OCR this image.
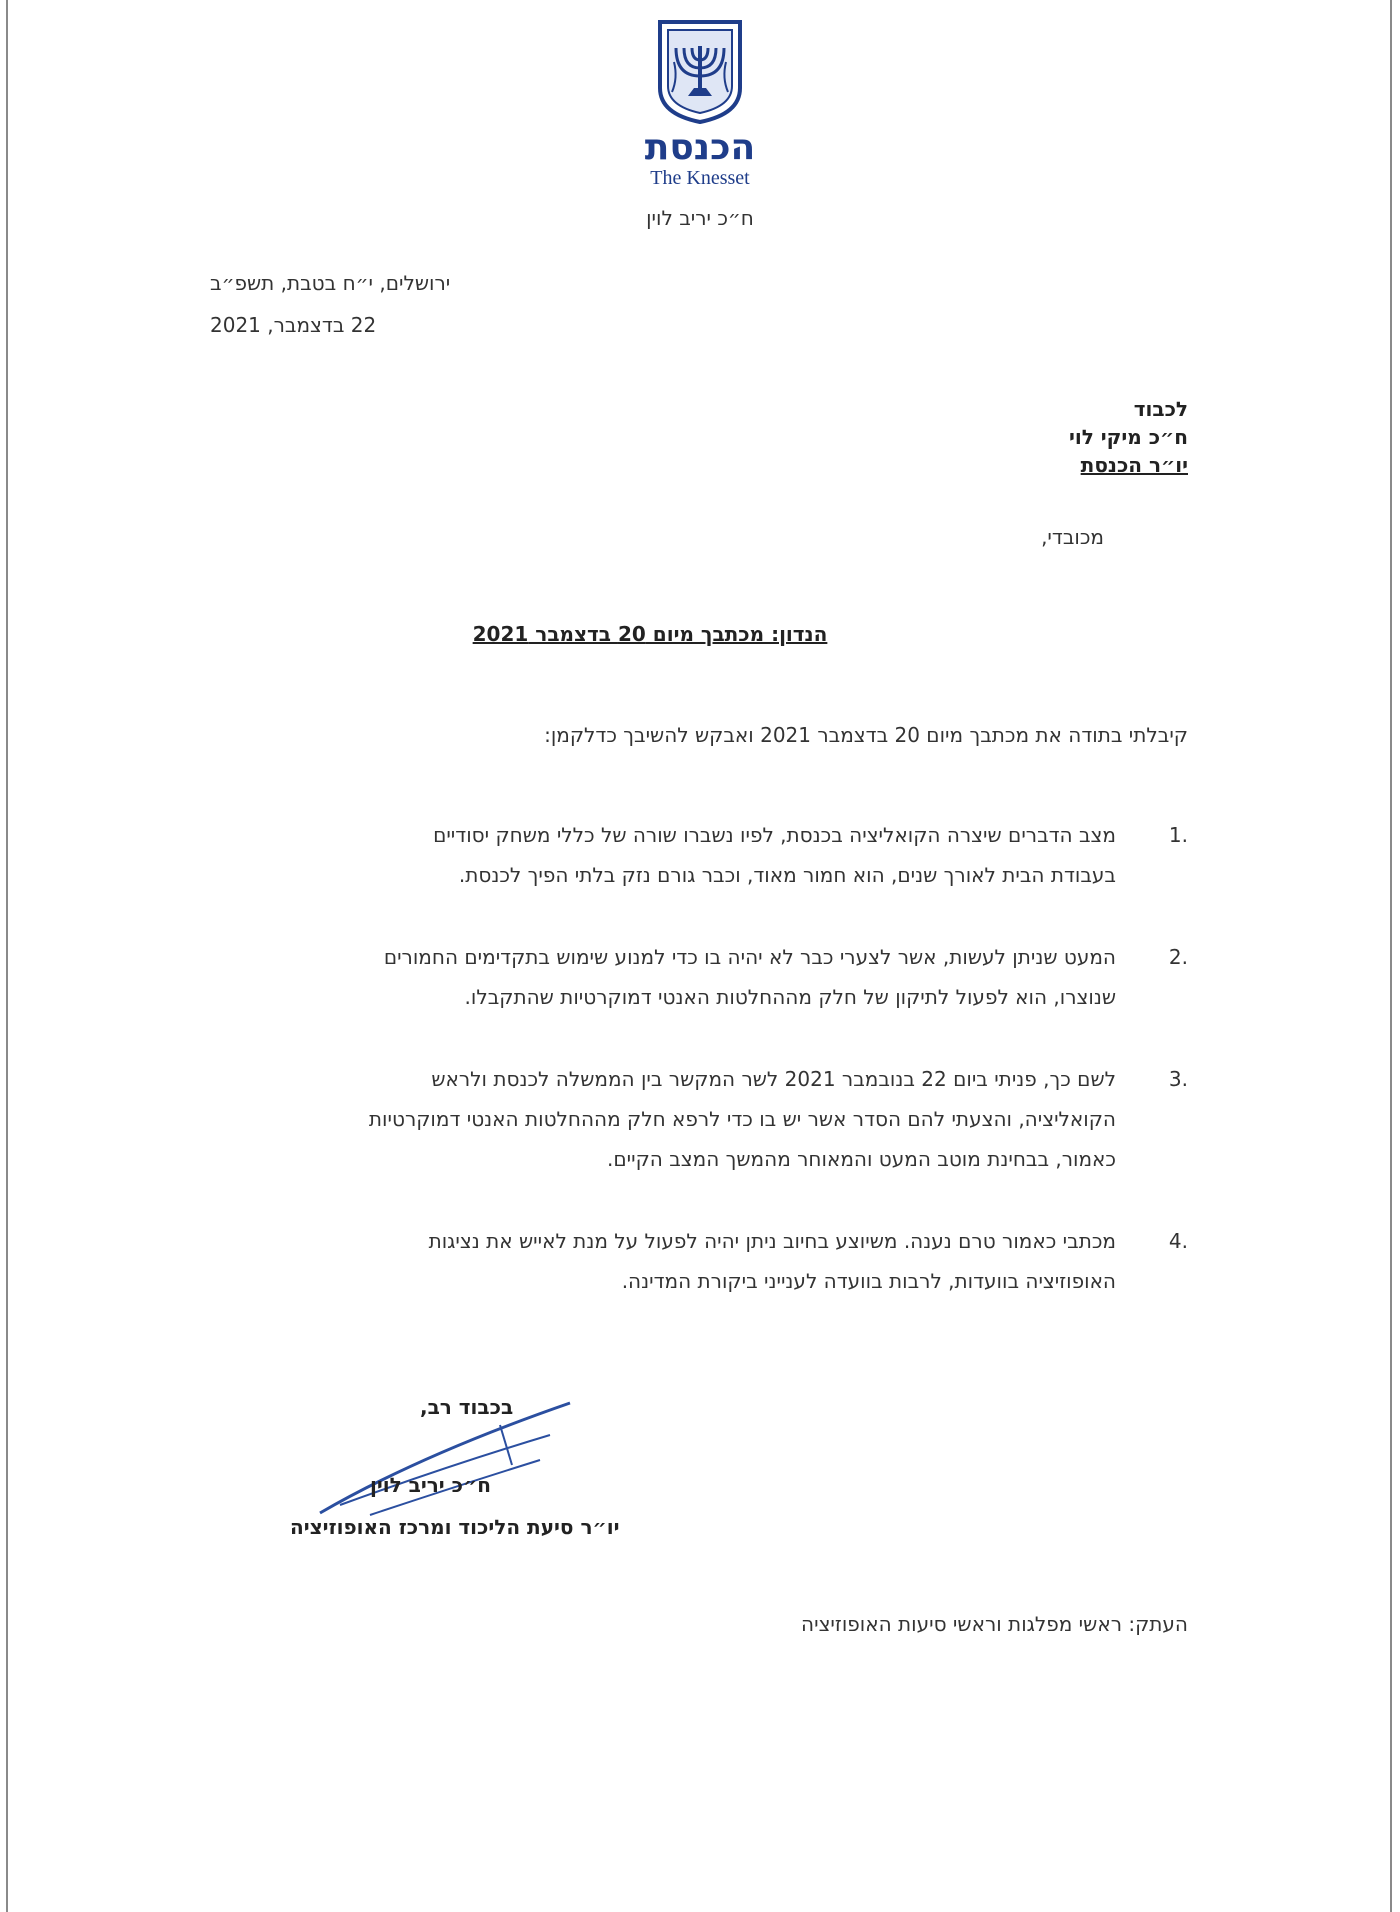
הכנסת
The Knesset
ח״כ יריב לוין
ירושלים, י״ח בטבת, תשפ״ב
22 בדצמבר, 2021
לכבוד
ח״כ מיקי לוי
יו״ר הכנסת
מכובדי,
הנדון: מכתבך מיום 20 בדצמבר 2021
קיבלתי בתודה את מכתבך מיום 20 בדצמבר 2021 ואבקש להשיבך כדלקמן:
1.

מצב הדברים שיצרה הקואליציה בכנסת, לפיו נשברו שורה של כללי משחק יסודיים

בעבודת הבית לאורך שנים, הוא חמור מאוד, וכבר גורם נזק בלתי הפיך לכנסת.

2.

המעט שניתן לעשות, אשר לצערי כבר לא יהיה בו כדי למנוע שימוש בתקדימים החמורים

שנוצרו, הוא לפעול לתיקון של חלק מההחלטות האנטי דמוקרטיות שהתקבלו.

3.

לשם כך, פניתי ביום 22 בנובמבר 2021 לשר המקשר בין הממשלה לכנסת ולראש

הקואליציה, והצעתי להם הסדר אשר יש בו כדי לרפא חלק מההחלטות האנטי דמוקרטיות

כאמור, בבחינת מוטב המעט והמאוחר מהמשך המצב הקיים.

4.

מכתבי כאמור טרם נענה. משיוצע בחיוב ניתן יהיה לפעול על מנת לאייש את נציגות

האופוזיציה בוועדות, לרבות בוועדה לענייני ביקורת המדינה.

בכבוד רב,
ח״כ יריב לוין
יו״ר סיעת הליכוד ומרכז האופוזיציה
העתק: ראשי מפלגות וראשי סיעות האופוזיציה
